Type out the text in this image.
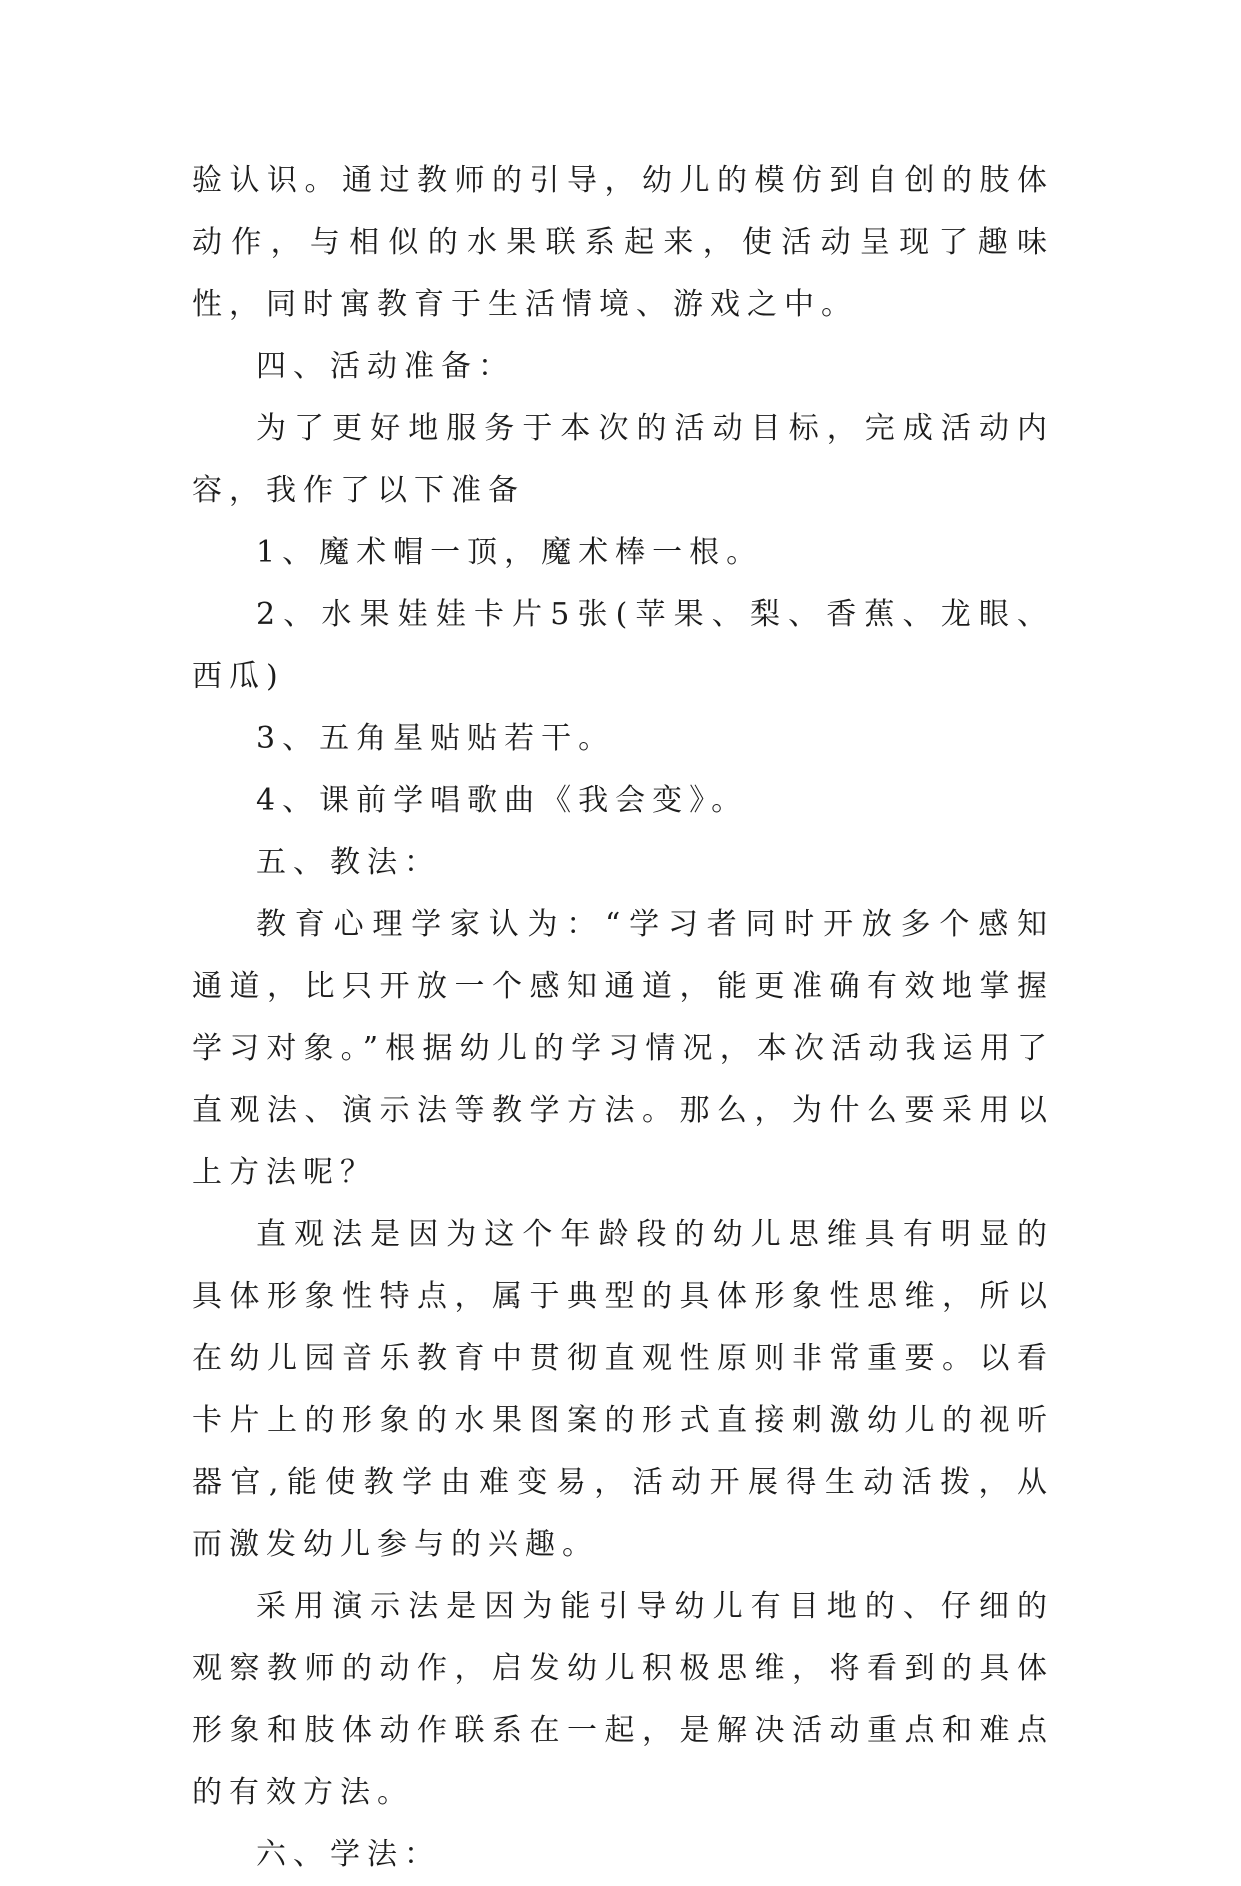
验认识。通过教师的引导，幼儿的模仿到自创的肢体动作，与相似的水果联系起来，使活动呈现了趣味性，同时寓教育于生活情境、游戏之中。

四、活动准备：

为了更好地服务于本次的活动目标，完成活动内容，我作了以下准备

1、魔术帽一顶，魔术棒一根。

2、水果娃娃卡片5张(苹果、梨、香蕉、龙眼、西瓜)

3、五角星贴贴若干。

4、课前学唱歌曲《我会变》。

五、教法：

教育心理学家认为：“学习者同时开放多个感知通道，比只开放一个感知通道，能更准确有效地掌握学习对象。”根据幼儿的学习情况，本次活动我运用了直观法、演示法等教学方法。那么，为什么要采用以上方法呢？

直观法是因为这个年龄段的幼儿思维具有明显的具体形象性特点，属于典型的具体形象性思维，所以在幼儿园音乐教育中贯彻直观性原则非常重要。以看卡片上的形象的水果图案的形式直接刺激幼儿的视听器官,能使教学由难变易，活动开展得生动活拨，从而激发幼儿参与的兴趣。

采用演示法是因为能引导幼儿有目地的、仔细的观察教师的动作，启发幼儿积极思维，将看到的具体形象和肢体动作联系在一起，是解决活动重点和难点的有效方法。

六、学法：
